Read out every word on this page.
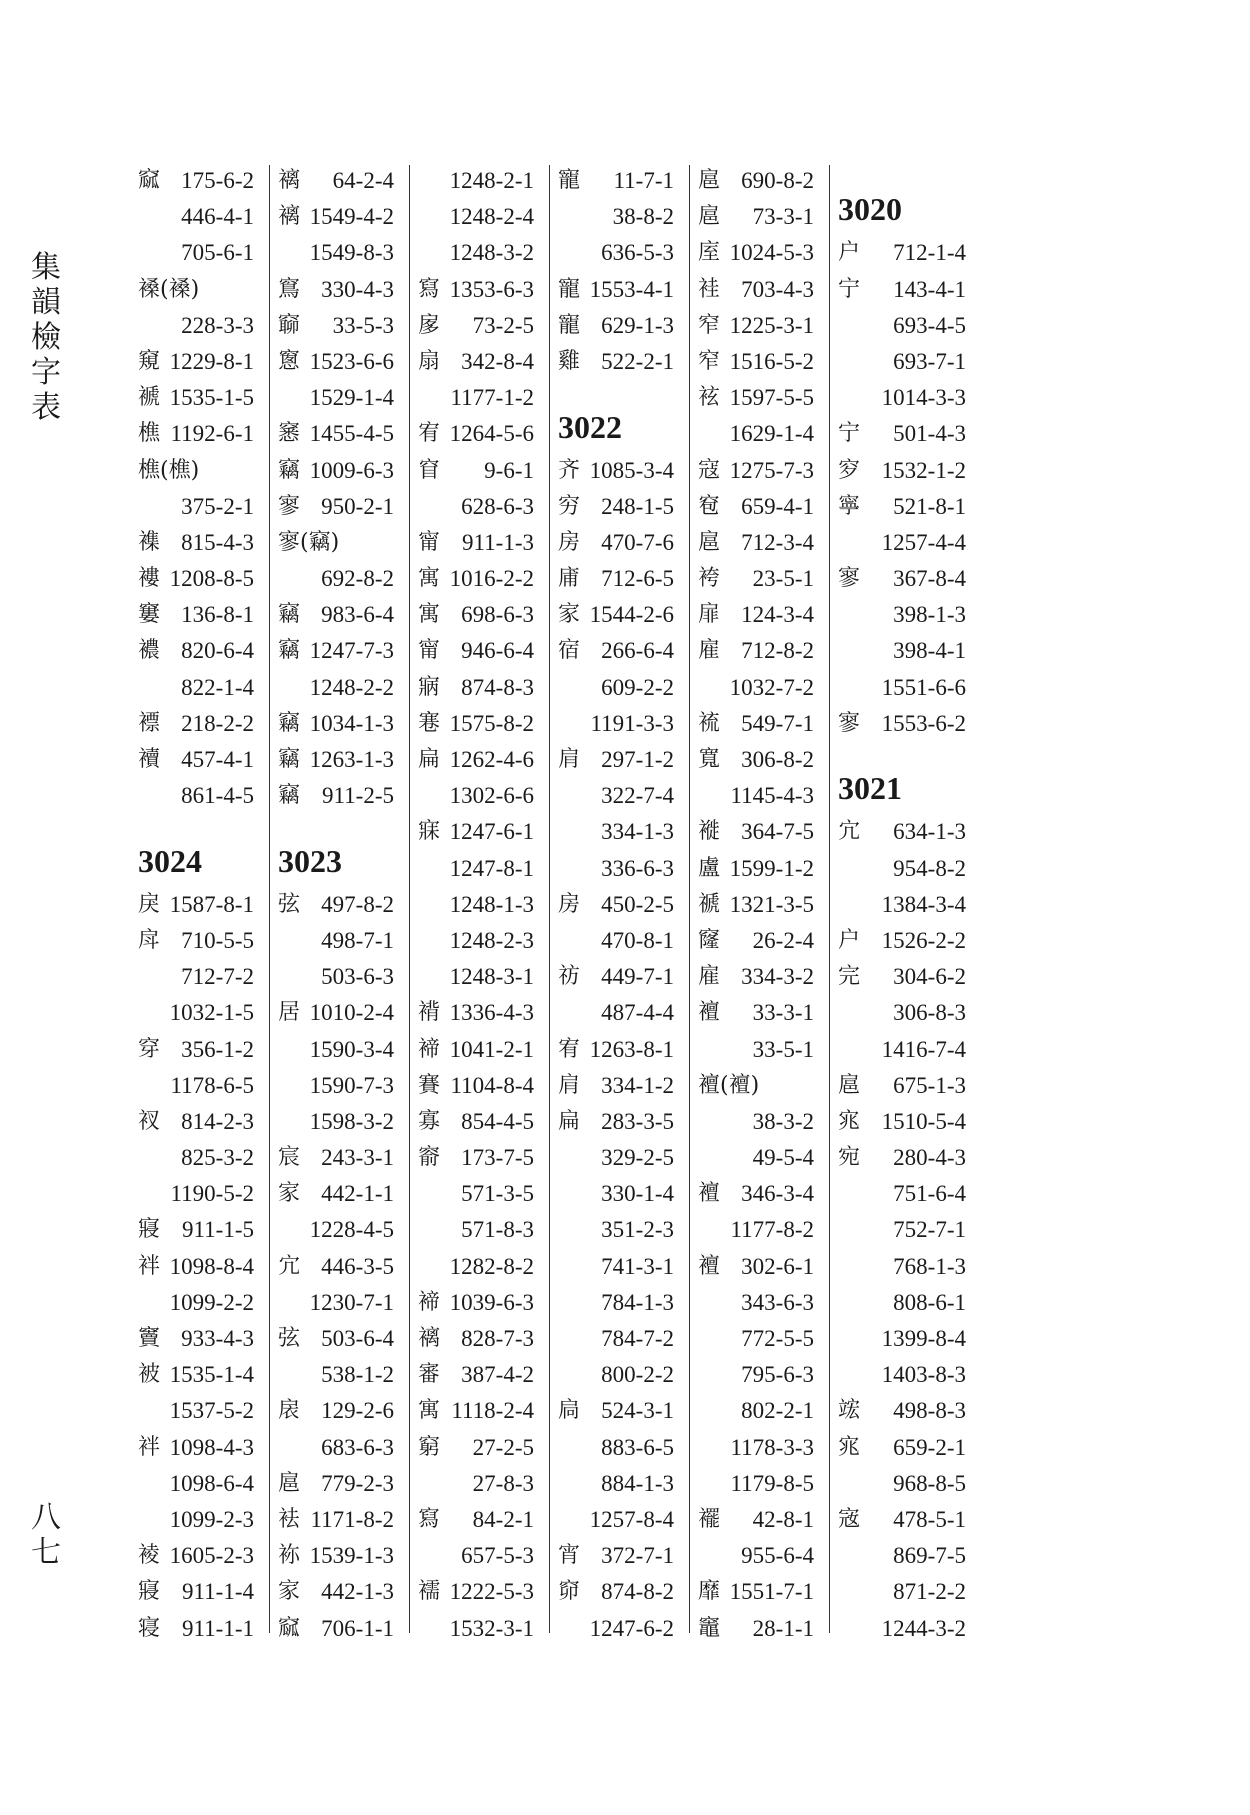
集
韻
檢
字
表
八
七
窳 175-6-2
446-4-1
705-6-1
褬(褬)
228-3-3
窺 1229-8-1
褫 1535-1-5
樵 1192-6-1
樵(樵)
375-2-1
襍 815-4-3
褸 1208-8-5
窶 136-8-1
襛 820-6-4
822-1-4
褾 218-2-2
襩 457-4-1
861-4-5
3024
戾 1587-8-1
戽 710-5-5
712-7-2
1032-1-5
穿 356-1-2
1178-6-5
衩 814-2-3
825-3-2
1190-5-2
寢 911-1-5
袢 1098-8-4
1099-2-2
竇 933-4-3
被 1535-1-4
1537-5-2
袢 1098-4-3
1098-6-4
1099-2-3
裬 1605-2-3
寢 911-1-4
寝 911-1-1
褵 64-2-4
褵 1549-4-2
1549-8-3
窵 330-4-3
窷 33-5-3
窻 1523-6-6
1529-1-4
窸 1455-4-5
竊 1009-6-3
寥 950-2-1
寥(竊)
692-8-2
竊 983-6-4
竊 1247-7-3
1248-2-2
竊 1034-1-3
竊 1263-1-3
竊 911-2-5
3023
弦 497-8-2
498-7-1
503-6-3
居 1010-2-4
1590-3-4
1590-7-3
1598-3-2
宸 243-3-1
家 442-1-1
1228-4-5
宂 446-3-5
1230-7-1
弦 503-6-4
538-1-2
扆 129-2-6
683-6-3
扈 779-2-3
袪 1171-8-2
袮 1539-1-3
家 442-1-3
窳 706-1-1
1248-2-1
1248-2-4
1248-3-2
寫 1353-6-3
扅 73-2-5
扇 342-8-4
1177-1-2
宥 1264-5-6
窅 9-6-1
628-6-3
甯 911-1-3
寓 1016-2-2
寓 698-6-3
甯 946-6-4
寎 874-8-3
寋 1575-8-2
扁 1262-4-6
1302-6-6
寐 1247-6-1
1247-8-1
1248-1-3
1248-2-3
1248-3-1
褙 1336-4-3
褅 1041-2-1
賽 1104-8-4
寡 854-4-5
窬 173-7-5
571-3-5
571-8-3
1282-8-2
褅 1039-6-3
褵 828-7-3
審 387-4-2
寓 1118-2-4
窮 27-2-5
27-8-3
寫 84-2-1
657-5-3
襦 1222-5-3
1532-3-1
寵 11-7-1
38-8-2
636-5-3
寵 1553-4-1
寵 629-1-3
雞 522-2-1
3022
齐 1085-3-4
穷 248-1-5
房 470-7-6
庯 712-6-5
家 1544-2-6
宿 266-6-4
609-2-2
1191-3-3
肩 297-1-2
322-7-4
334-1-3
336-6-3
房 450-2-5
470-8-1
祊 449-7-1
487-4-4
宥 1263-8-1
肩 334-1-2
扁 283-3-5
329-2-5
330-1-4
351-2-3
741-3-1
784-1-3
784-7-2
800-2-2
扃 524-3-1
883-6-5
884-1-3
1257-8-4
宵 372-7-1
窌 874-8-2
1247-6-2
扈 690-8-2
扈 73-3-1
庢 1024-5-3
袿 703-4-3
窄 1225-3-1
窄 1516-5-2
袨 1597-5-5
1629-1-4
寇 1275-7-3
窇 659-4-1
扈 712-3-4
袴 23-5-1
扉 124-3-4
雇 712-8-2
1032-7-2
裗 549-7-1
寬 306-8-2
1145-4-3
褷 364-7-5
盧 1599-1-2
禠 1321-3-5
窿 26-2-4
雇 334-3-2
襢 33-3-1
33-5-1
襢(襢)
38-3-2
49-5-4
襢 346-3-4
1177-8-2
襢 302-6-1
343-6-3
772-5-5
795-6-3
802-2-1
1178-3-3
1179-8-5
襬 42-8-1
955-6-4
靡 1551-7-1
竈 28-1-1
3020
户 712-1-4
宁 143-4-1
693-4-5
693-7-1
1014-3-3
宁 501-4-3
穸 1532-1-2
寧 521-8-1
1257-4-4
寥 367-8-4
398-1-3
398-4-1
1551-6-6
寥 1553-6-2
3021
宂 634-1-3
954-8-2
1384-3-4
户 1526-2-2
完 304-6-2
306-8-3
1416-7-4
扈 675-1-3
宨 1510-5-4
宛 280-4-3
751-6-4
752-7-1
768-1-3
808-6-1
1399-8-4
1403-8-3
竤 498-8-3
宨 659-2-1
968-8-5
宼 478-5-1
869-7-5
871-2-2
1244-3-2
